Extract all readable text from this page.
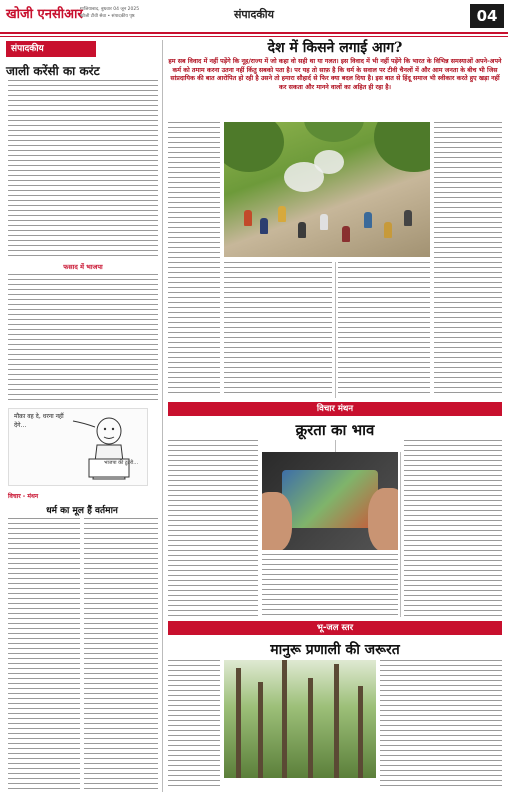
खोजी एनसीआर
गाजियाबाद, बुधवार 04 जून 2025
खोजी टीवी सेवा • संपादकीय पृष्ठ	संपादकीय	04
संपादकीय
जाली करेंसी का करंट
फसाद में भाजपा
मौक़ा वह दे, धरना नहीं देंगे...
भाजपा की टुटरी...
विचार - मंथन
धर्म का मूल हैं वर्तमान
देश में किसने लगाई आग?
हम सब विवाद में नहीं पड़ेंगे कि नूह/राज्य में जो कहा वो सही था या गलत। इस विवाद में भी नहीं पड़ेंगे कि भारत के विभिन्न समस्याओं अपने-अपने कर्म को तमाम करना उतना नहीं किंतु सबको पता है। पर यह तो साफ़ है कि धर्म के सवाल पर टीवी चैनलों में और आम जनता के बीच भी जिस सांप्रदायिक की बात आरोपित हो रही है उसने तो हमारा सौहार्द से फिर क्या बदल दिया है। इस बात से हिंदू समाज भी स्वीकार करते हुए खड़ा नहीं कर सकता और मानने वालों का अहित ही रहा है।
विचार मंथन
क्रूरता का भाव
भू-जल स्तर
मानुरू प्रणाली की जरूरत
